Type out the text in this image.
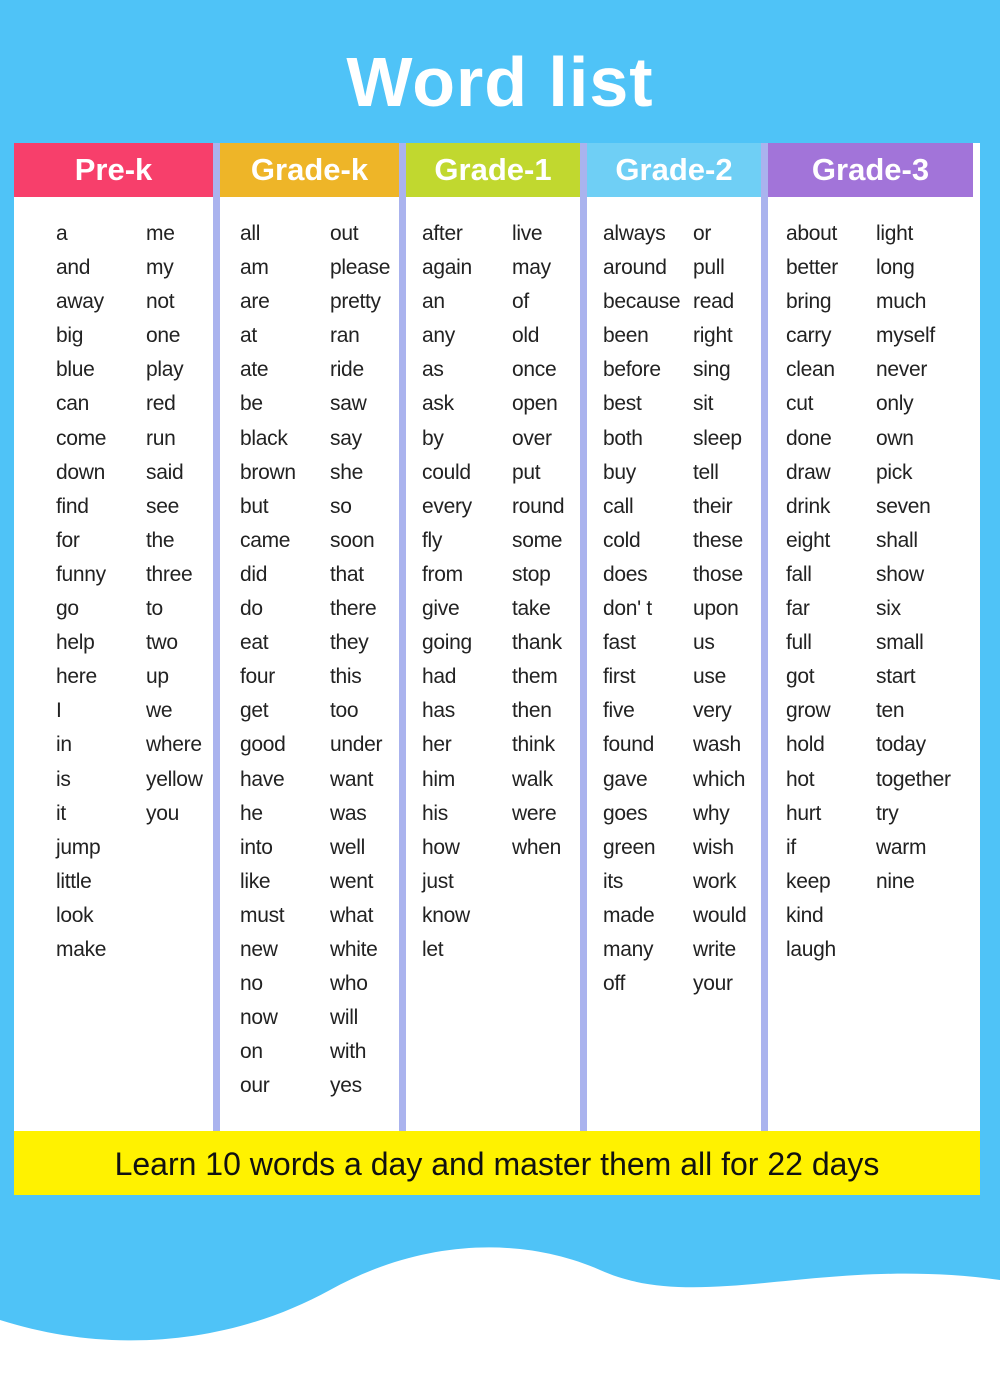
Word list
Pre-k
a
and
away
big
blue
can
come
down
find
for
funny
go
help
here
I
in
is
it
jump
little
look
make
me
my
not
one
play
red
run
said
see
the
three
to
two
up
we
where
yellow
you
Grade-k
all
am
are
at
ate
be
black
brown
but
came
did
do
eat
four
get
good
have
he
into
like
must
new
no
now
on
our
out
please
pretty
ran
ride
saw
say
she
so
soon
that
there
they
this
too
under
want
was
well
went
what
white
who
will
with
yes
Grade-1
after
again
an
any
as
ask
by
could
every
fly
from
give
going
had
has
her
him
his
how
just
know
let
live
may
of
old
once
open
over
put
round
some
stop
take
thank
them
then
think
walk
were
when
Grade-2
always
around
because
been
before
best
both
buy
call
cold
does
don' t
fast
first
five
found
gave
goes
green
its
made
many
off
or
pull
read
right
sing
sit
sleep
tell
their
these
those
upon
us
use
very
wash
which
why
wish
work
would
write
your
Grade-3
about
better
bring
carry
clean
cut
done
draw
drink
eight
fall
far
full
got
grow
hold
hot
hurt
if
keep
kind
laugh
light
long
much
myself
never
only
own
pick
seven
shall
show
six
small
start
ten
today
together
try
warm
nine
Learn 10 words a day and master them all for 22 days
